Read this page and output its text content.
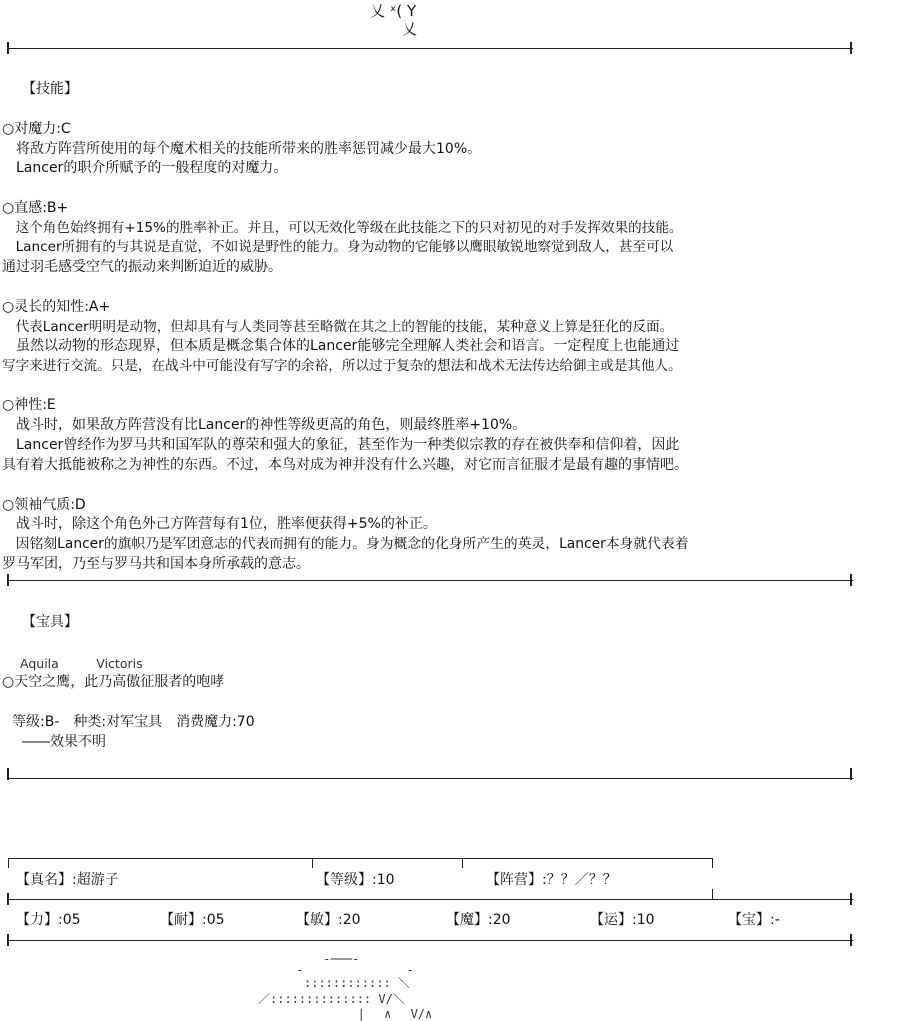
乂 ˣ( Y
乂
【技能】
○对魔力:C
　将敌方阵营所使用的每个魔术相关的技能所带来的胜率惩罚减少最大10%。
　Lancer的职介所赋予的一般程度的对魔力。
○直感:B+
　这个角色始终拥有+15%的胜率补正。并且，可以无效化等级在此技能之下的只对初见的对手发挥效果的技能。
　Lancer所拥有的与其说是直觉，不如说是野性的能力。身为动物的它能够以鹰眼敏锐地察觉到敌人，甚至可以
通过羽毛感受空气的振动来判断迫近的威胁。
○灵长的知性:A+
　代表Lancer明明是动物，但却具有与人类同等甚至略微在其之上的智能的技能，某种意义上算是狂化的反面。
　虽然以动物的形态现界，但本质是概念集合体的Lancer能够完全理解人类社会和语言。一定程度上也能通过
写字来进行交流。只是，在战斗中可能没有写字的余裕，所以过于复杂的想法和战术无法传达给御主或是其他人。
○神性:E
　战斗时，如果敌方阵营没有比Lancer的神性等级更高的角色，则最终胜率+10%。
　Lancer曾经作为罗马共和国军队的尊荣和强大的象征，甚至作为一种类似宗教的存在被供奉和信仰着，因此
具有着大抵能被称之为神性的东西。不过，本鸟对成为神并没有什么兴趣，对它而言征服才是最有趣的事情吧。
○领袖气质:D
　战斗时，除这个角色外己方阵营每有1位，胜率便获得+5%的补正。
　因铭刻Lancer的旗帜乃是军团意志的代表而拥有的能力。身为概念的化身所产生的英灵，Lancer本身就代表着
罗马军团，乃至与罗马共和国本身所承载的意志。
【宝具】
Aquila　　　Victoris
○天空之鹰，此乃高傲征服者的咆哮
等级:B-　种类:对军宝具　消费魔力:70
――效果不明
【真名】:超游子	【等级】:10	【阵营】:？？／？？
【力】:05	【耐】:05	【敏】:20	【魔】:20	【运】:10	【宝】:-
-───-
- 　 　 　 　 　 ‐
　:::::::::::: ＼
／:::::::::::::: V/＼
　 　 　 |　 ∧　 V/∧
